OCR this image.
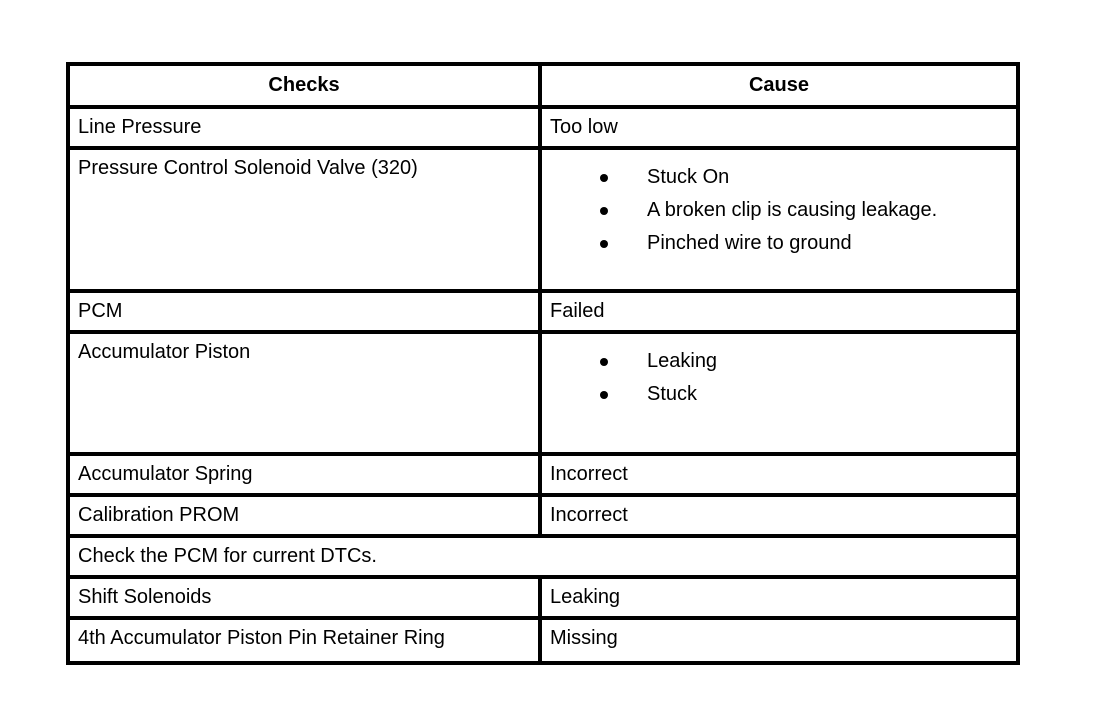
Checks	Cause
Line Pressure	Too low
Pressure Control Solenoid Valve (320)	Stuck On
A broken clip is causing leakage.
Pinched wire to ground

PCM	Failed
Accumulator Piston	Leaking
Stuck

Accumulator Spring	Incorrect
Calibration PROM	Incorrect
Check the PCM for current DTCs.	
Shift Solenoids	Leaking
4th Accumulator Piston Pin Retainer Ring	Missing
